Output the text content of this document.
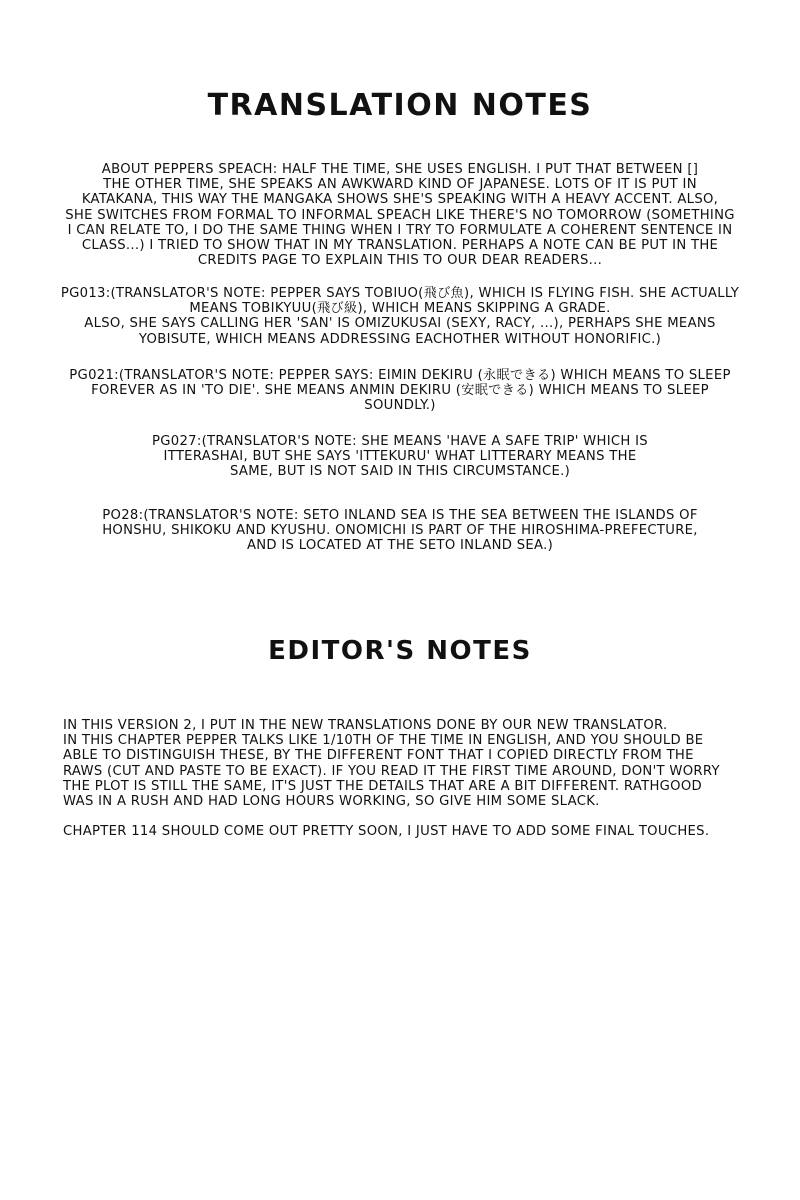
TRANSLATION NOTES
ABOUT PEPPERS SPEACH: HALF THE TIME, SHE USES ENGLISH. I PUT THAT BETWEEN []
THE OTHER TIME, SHE SPEAKS AN AWKWARD KIND OF JAPANESE. LOTS OF IT IS PUT IN
KATAKANA, THIS WAY THE MANGAKA SHOWS SHE'S SPEAKING WITH A HEAVY ACCENT. ALSO,
SHE SWITCHES FROM FORMAL TO INFORMAL SPEACH LIKE THERE'S NO TOMORROW (SOMETHING
I CAN RELATE TO, I DO THE SAME THING WHEN I TRY TO FORMULATE A COHERENT SENTENCE IN
CLASS...) I TRIED TO SHOW THAT IN MY TRANSLATION. PERHAPS A NOTE CAN BE PUT IN THE
CREDITS PAGE TO EXPLAIN THIS TO OUR DEAR READERS...
PG013:(TRANSLATOR'S NOTE: PEPPER SAYS TOBIUO(飛び魚), WHICH IS FLYING FISH. SHE ACTUALLY
MEANS TOBIKYUU(飛び級), WHICH MEANS SKIPPING A GRADE.
ALSO, SHE SAYS CALLING HER 'SAN' IS OMIZUKUSAI (SEXY, RACY, ...), PERHAPS SHE MEANS
YOBISUTE, WHICH MEANS ADDRESSING EACHOTHER WITHOUT HONORIFIC.)
PG021:(TRANSLATOR'S NOTE: PEPPER SAYS: EIMIN DEKIRU (永眠できる) WHICH MEANS TO SLEEP
FOREVER AS IN 'TO DIE'. SHE MEANS ANMIN DEKIRU (安眠できる) WHICH MEANS TO SLEEP
SOUNDLY.)
PG027:(TRANSLATOR'S NOTE: SHE MEANS 'HAVE A SAFE TRIP' WHICH IS
ITTERASHAI, BUT SHE SAYS 'ITTEKURU' WHAT LITTERARY MEANS THE
SAME, BUT IS NOT SAID IN THIS CIRCUMSTANCE.)
PO28:(TRANSLATOR'S NOTE: SETO INLAND SEA IS THE SEA BETWEEN THE ISLANDS OF
HONSHU, SHIKOKU AND KYUSHU. ONOMICHI IS PART OF THE HIROSHIMA-PREFECTURE,
AND IS LOCATED AT THE SETO INLAND SEA.)
EDITOR'S NOTES
IN THIS VERSION 2, I PUT IN THE NEW TRANSLATIONS DONE BY OUR NEW TRANSLATOR.
IN THIS CHAPTER PEPPER TALKS LIKE 1/10TH OF THE TIME IN ENGLISH, AND YOU SHOULD BE
ABLE TO DISTINGUISH THESE, BY THE DIFFERENT FONT THAT I COPIED DIRECTLY FROM THE
RAWS (CUT AND PASTE TO BE EXACT). IF YOU READ IT THE FIRST TIME AROUND, DON'T WORRY
THE PLOT IS STILL THE SAME, IT'S JUST THE DETAILS THAT ARE A BIT DIFFERENT. RATHGOOD
WAS IN A RUSH AND HAD LONG HOURS WORKING, SO GIVE HIM SOME SLACK.
CHAPTER 114 SHOULD COME OUT PRETTY SOON, I JUST HAVE TO ADD SOME FINAL TOUCHES.
